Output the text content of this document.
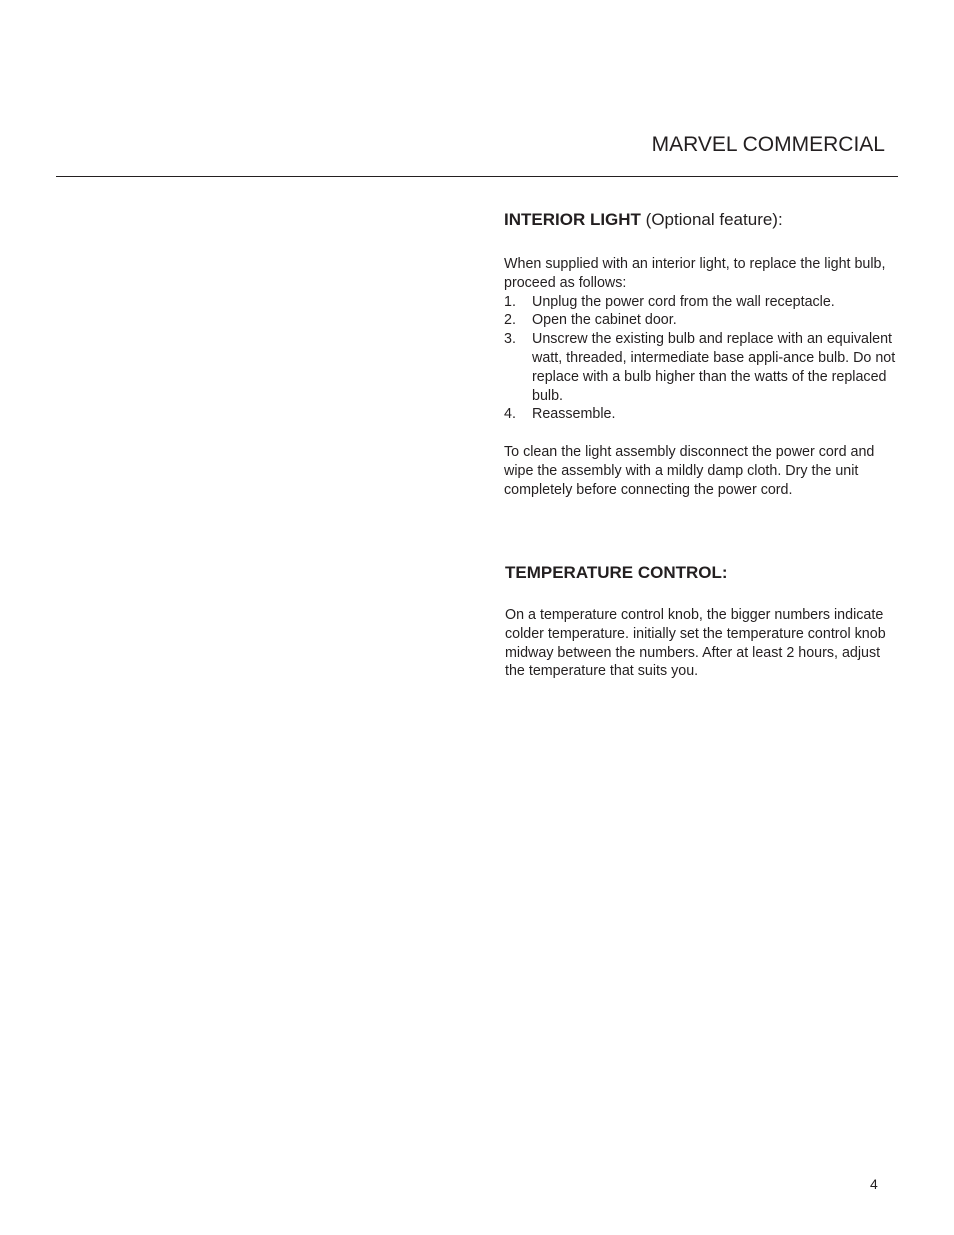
MARVEL COMMERCIAL
INTERIOR LIGHT (Optional feature):

When supplied with an interior light, to replace the light bulb, proceed as follows:

1.	Unplug the power cord from the wall receptacle.
2.	Open the cabinet door.
3.	Unscrew the existing bulb and replace with an equivalent watt, threaded, intermediate base appli-ance bulb. Do not replace with a bulb higher than the watts of the replaced bulb.
4.	Reassemble.

To clean the light assembly disconnect the power cord and wipe the assembly with a mildly damp cloth. Dry the unit completely before connecting the power cord.

TEMPERATURE CONTROL:

On a temperature control knob, the bigger numbers indicate colder temperature. initially set the temperature control knob midway between the numbers. After at least 2 hours, adjust the temperature that suits you.

4
